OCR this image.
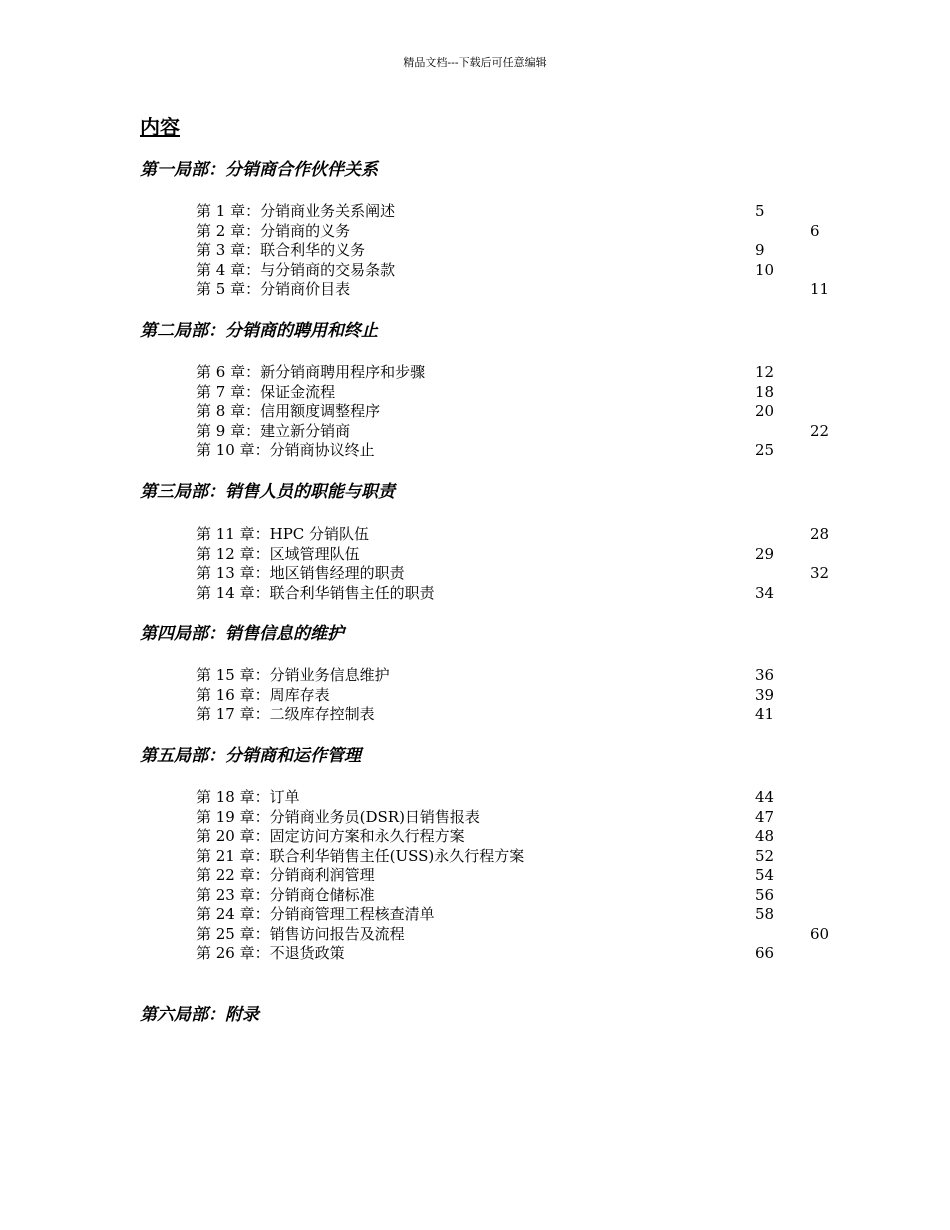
精品文档---下载后可任意编辑
内容
第一局部：分销商合作伙伴关系
第 1 章：分销商业务关系阐述	5
第 2 章：分销商的义务	6
第 3 章：联合利华的义务	9
第 4 章：与分销商的交易条款	10
第 5 章：分销商价目表	11
第二局部：分销商的聘用和终止
第 6 章：新分销商聘用程序和步骤	12
第 7 章：保证金流程	18
第 8 章：信用额度调整程序	20
第 9 章：建立新分销商	22
第 10 章：分销商协议终止	25
第三局部：销售人员的职能与职责
第 11 章：HPC 分销队伍	28
第 12 章：区域管理队伍	29
第 13 章：地区销售经理的职责	32
第 14 章：联合利华销售主任的职责	34
第四局部：销售信息的维护
第 15 章：分销业务信息维护	36
第 16 章：周库存表	39
第 17 章：二级库存控制表	41
第五局部：分销商和运作管理
第 18 章：订单	44
第 19 章：分销商业务员(DSR)日销售报表	47
第 20 章：固定访问方案和永久行程方案	48
第 21 章：联合利华销售主任(USS)永久行程方案	52
第 22 章：分销商利润管理	54
第 23 章：分销商仓储标准	56
第 24 章：分销商管理工程核查清单	58
第 25 章：销售访问报告及流程	60
第 26 章：不退货政策	66
第六局部：附录
